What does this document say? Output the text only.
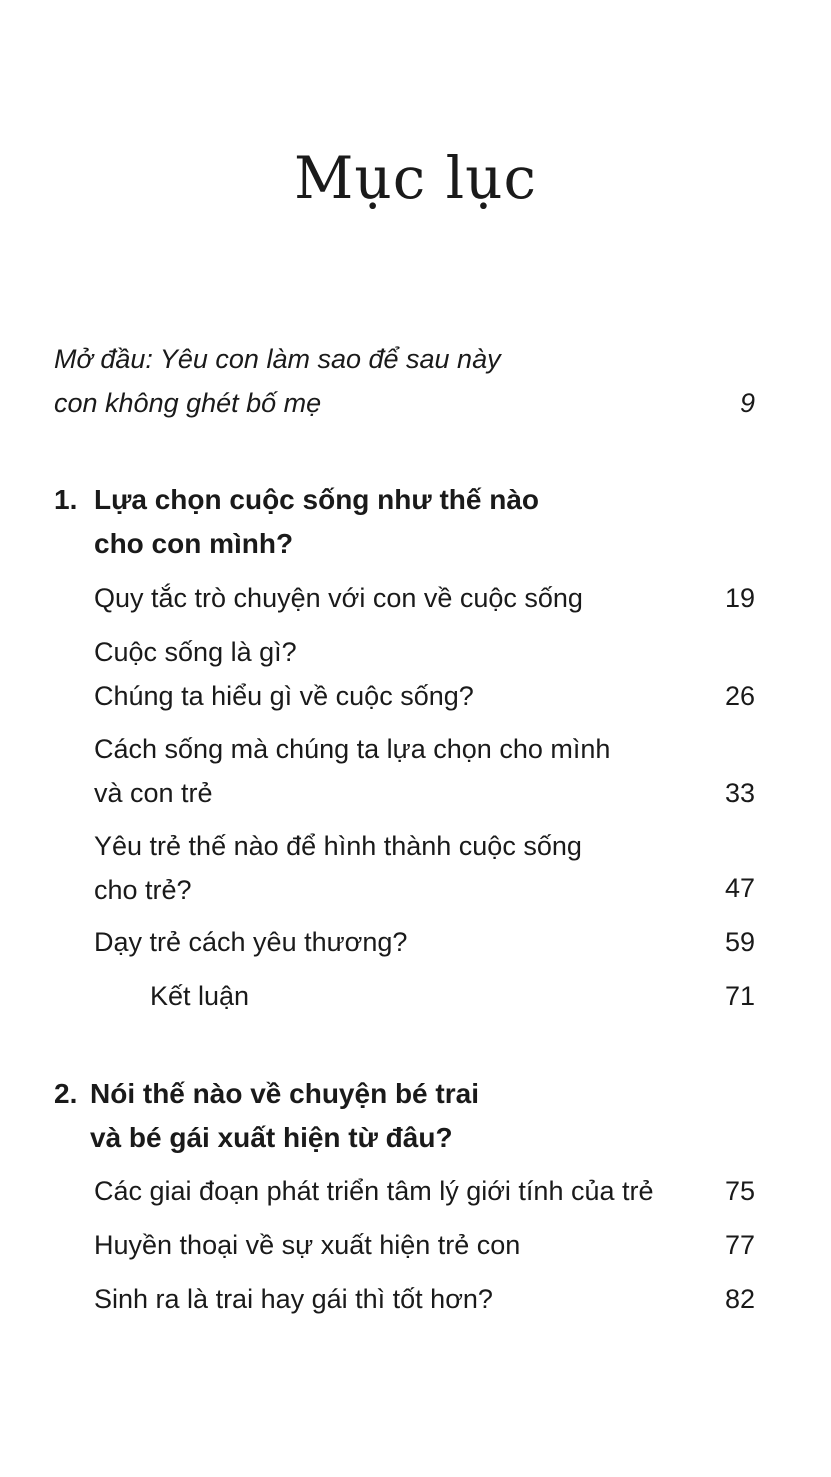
Mục lục
Mở đầu: Yêu con làm sao để sau này
con không ghét bố mẹ	9
1. Lựa chọn cuộc sống như thế nào
cho con mình?
Quy tắc trò chuyện với con về cuộc sống	19
Cuộc sống là gì?
Chúng ta hiểu gì về cuộc sống?	26
Cách sống mà chúng ta lựa chọn cho mình
và con trẻ	33
Yêu trẻ thế nào để hình thành cuộc sống
cho trẻ?	47
Dạy trẻ cách yêu thương?	59
Kết luận	71
2. Nói thế nào về chuyện bé trai
và bé gái xuất hiện từ đâu?
Các giai đoạn phát triển tâm lý giới tính của trẻ	75
Huyền thoại về sự xuất hiện trẻ con	77
Sinh ra là trai hay gái thì tốt hơn?	82
